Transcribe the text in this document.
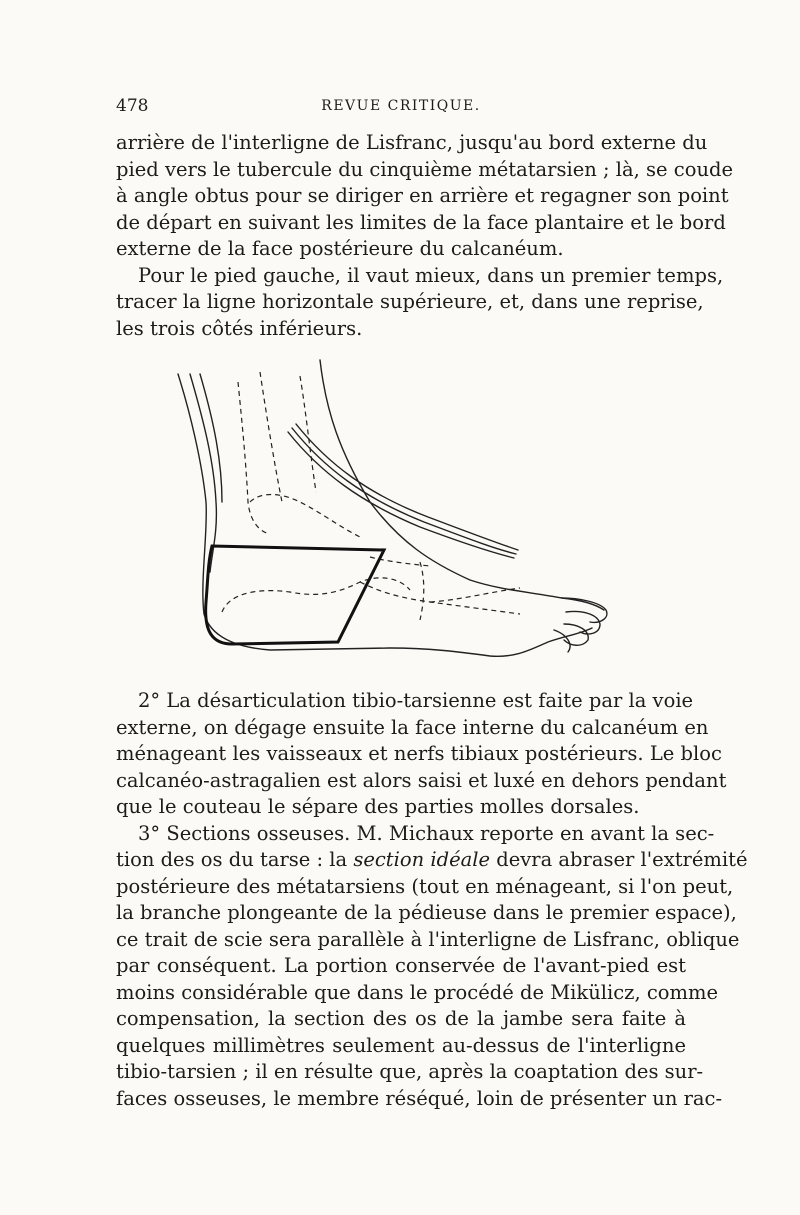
478	REVUE CRITIQUE.

arrière de l'interligne de Lisfranc, jusqu'au bord externe du
pied vers le tubercule du cinquième métatarsien ; là, se coude
à angle obtus pour se diriger en arrière et regagner son point
de départ en suivant les limites de la face plantaire et le bord
externe de la face postérieure du calcanéum.

Pour le pied gauche, il vaut mieux, dans un premier temps,
tracer la ligne horizontale supérieure, et, dans une reprise,
les trois côtés inférieurs.

2° La désarticulation tibio-tarsienne est faite par la voie
externe, on dégage ensuite la face interne du calcanéum en
ménageant les vaisseaux et nerfs tibiaux postérieurs. Le bloc
calcanéo-astragalien est alors saisi et luxé en dehors pendant
que le couteau le sépare des parties molles dorsales.

3° Sections osseuses. M. Michaux reporte en avant la sec-
tion des os du tarse : la section idéale devra abraser l'extrémité
postérieure des métatarsiens (tout en ménageant, si l'on peut,
la branche plongeante de la pédieuse dans le premier espace),
ce trait de scie sera parallèle à l'interligne de Lisfranc, oblique
par conséquent. La portion conservée de l'avant-pied est
moins considérable que dans le procédé de Mikülicz, comme
compensation, la section des os de la jambe sera faite à
quelques millimètres seulement au-dessus de l'interligne
tibio-tarsien ; il en résulte que, après la coaptation des sur-
faces osseuses, le membre réséqué, loin de présenter un rac-
